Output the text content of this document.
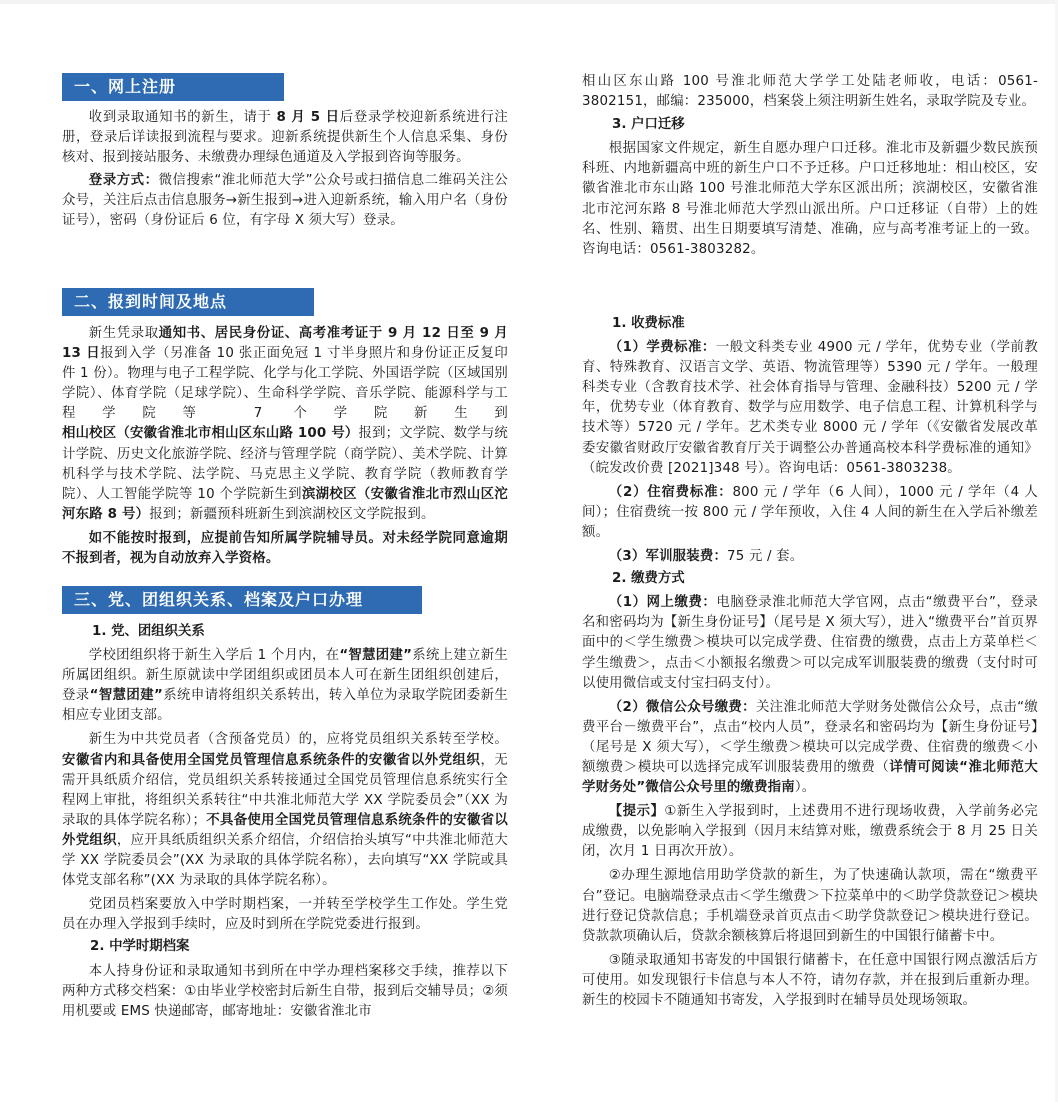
一、网上注册

收到录取通知书的新生，请于 8 月 5 日后登录学校迎新系统进行注册，登录后详读报到流程与要求。迎新系统提供新生个人信息采集、身份核对、报到接站服务、未缴费办理绿色通道及入学报到咨询等服务。

登录方式：微信搜索“淮北师范大学”公众号或扫描信息二维码关注公众号，关注后点击信息服务→新生报到→进入迎新系统，输入用户名（身份证号），密码（身份证后 6 位，有字母 X 须大写）登录。

二、报到时间及地点

新生凭录取通知书、居民身份证、高考准考证于 9 月 12 日至 9 月 13 日报到入学（另准备 10 张正面免冠 1 寸半身照片和身份证正反复印件 1 份）。物理与电子工程学院、化学与化工学院、外国语学院（区域国别学院）、体育学院（足球学院）、生命科学学院、音乐学院、能源科学与工程学院等 7 个学院新生到相山校区（安徽省淮北市相山区东山路 100 号）报到；文学院、数学与统计学院、历史文化旅游学院、经济与管理学院（商学院）、美术学院、计算机科学与技术学院、法学院、马克思主义学院、教育学院（教师教育学院）、人工智能学院等 10 个学院新生到滨湖校区（安徽省淮北市烈山区沱河东路 8 号）报到；新疆预科班新生到滨湖校区文学院报到。

如不能按时报到，应提前告知所属学院辅导员。对未经学院同意逾期不报到者，视为自动放弃入学资格。

三、党、团组织关系、档案及户口办理

1. 党、团组织关系

学校团组织将于新生入学后 1 个月内，在“智慧团建”系统上建立新生所属团组织。新生原就读中学团组织或团员本人可在新生团组织创建后，登录“智慧团建”系统申请将组织关系转出，转入单位为录取学院团委新生相应专业团支部。

新生为中共党员者（含预备党员）的，应将党员组织关系转至学校。安徽省内和具备使用全国党员管理信息系统条件的安徽省以外党组织，无需开具纸质介绍信，党员组织关系转接通过全国党员管理信息系统实行全程网上审批，将组织关系转往“中共淮北师范大学 XX 学院委员会”（XX 为录取的具体学院名称）；不具备使用全国党员管理信息系统条件的安徽省以外党组织，应开具纸质组织关系介绍信，介绍信抬头填写“中共淮北师范大学 XX 学院委员会”(XX 为录取的具体学院名称），去向填写“XX 学院或具体党支部名称”(XX 为录取的具体学院名称）。

党团员档案要放入中学时期档案，一并转至学校学生工作处。学生党员在办理入学报到手续时，应及时到所在学院党委进行报到。

2. 中学时期档案

本人持身份证和录取通知书到所在中学办理档案移交手续，推荐以下两种方式移交档案：①由毕业学校密封后新生自带，报到后交辅导员；②须用机要或 EMS 快递邮寄，邮寄地址：安徽省淮北市

相山区东山路 100 号淮北师范大学学工处陆老师收，电话：0561-3802151，邮编：235000，档案袋上须注明新生姓名，录取学院及专业。

3. 户口迁移

根据国家文件规定，新生自愿办理户口迁移。淮北市及新疆少数民族预科班、内地新疆高中班的新生户口不予迁移。户口迁移地址：相山校区，安徽省淮北市东山路 100 号淮北师范大学东区派出所；滨湖校区，安徽省淮北市沱河东路 8 号淮北师范大学烈山派出所。户口迁移证（自带）上的姓名、性别、籍贯、出生日期要填写清楚、准确，应与高考准考证上的一致。咨询电话：0561-3803282。

1. 收费标准

（1）学费标准：一般文科类专业 4900 元 / 学年，优势专业（学前教育、特殊教育、汉语言文学、英语、物流管理等）5390 元 / 学年。一般理科类专业（含教育技术学、社会体育指导与管理、金融科技）5200 元 / 学年，优势专业（体育教育、数学与应用数学、电子信息工程、计算机科学与技术等）5720 元 / 学年。艺术类专业 8000 元 / 学年（《安徽省发展改革委安徽省财政厅安徽省教育厅关于调整公办普通高校本科学费标准的通知》（皖发改价费 [2021]348 号）。咨询电话：0561-3803238。

（2）住宿费标准：800 元 / 学年（6 人间），1000 元 / 学年（4 人间）；住宿费统一按 800 元 / 学年预收，入住 4 人间的新生在入学后补缴差额。

（3）军训服装费：75 元 / 套。

2. 缴费方式

（1）网上缴费：电脑登录淮北师范大学官网，点击“缴费平台”，登录名和密码均为【新生身份证号】（尾号是 X 须大写），进入“缴费平台”首页界面中的＜学生缴费＞模块可以完成学费、住宿费的缴费，点击上方菜单栏＜学生缴费＞，点击＜小额报名缴费＞可以完成军训服装费的缴费（支付时可以使用微信或支付宝扫码支付）。

（2）微信公众号缴费：关注淮北师范大学财务处微信公众号，点击“缴费平台－缴费平台”，点击“校内人员”，登录名和密码均为【新生身份证号】（尾号是 X 须大写），＜学生缴费＞模块可以完成学费、住宿费的缴费＜小额缴费＞模块可以选择完成军训服装费用的缴费（详情可阅读“淮北师范大学财务处”微信公众号里的缴费指南）。

【提示】①新生入学报到时，上述费用不进行现场收费，入学前务必完成缴费，以免影响入学报到（因月末结算对账，缴费系统会于 8 月 25 日关闭，次月 1 日再次开放）。

②办理生源地信用助学贷款的新生，为了快速确认款项，需在“缴费平台”登记。电脑端登录点击＜学生缴费＞下拉菜单中的＜助学贷款登记＞模块进行登记贷款信息；手机端登录首页点击＜助学贷款登记＞模块进行登记。贷款款项确认后，贷款余额核算后将退回到新生的中国银行储蓄卡中。

③随录取通知书寄发的中国银行储蓄卡，在任意中国银行网点激活后方可使用。如发现银行卡信息与本人不符，请勿存款，并在报到后重新办理。新生的校园卡不随通知书寄发，入学报到时在辅导员处现场领取。
